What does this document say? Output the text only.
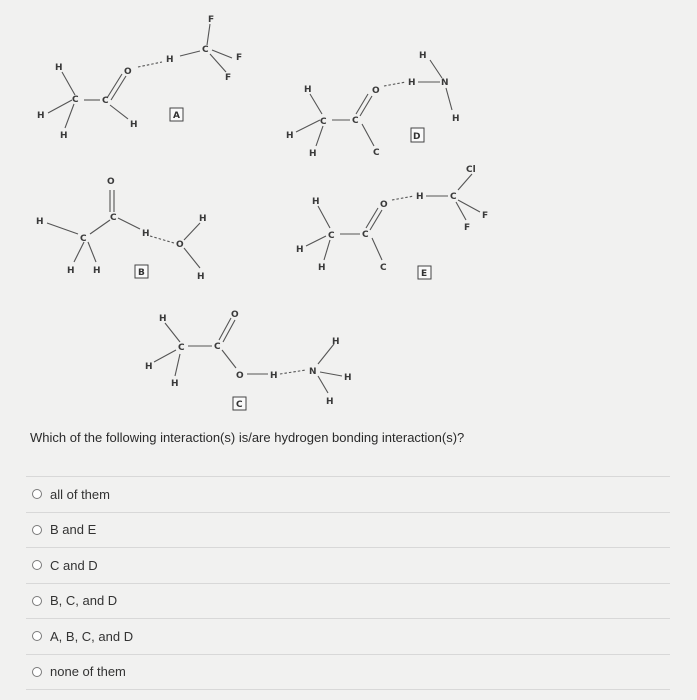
H
H
H
C	C
O
H
H
C
F
F
F
A
H
C
H H
C
O
H
O
H
H
B
H
C	C
O
H
H
O	H	N
H
H
H
C
H
C
H
H
C
O
C
H	N
H
H
D
H
C
H
H
C
O
C
H	C
Cl
F
F
E
Which of the following interaction(s) is/are hydrogen bonding interaction(s)?
all of them
B and E
C and D
B, C, and D
A, B, C, and D
none of them
